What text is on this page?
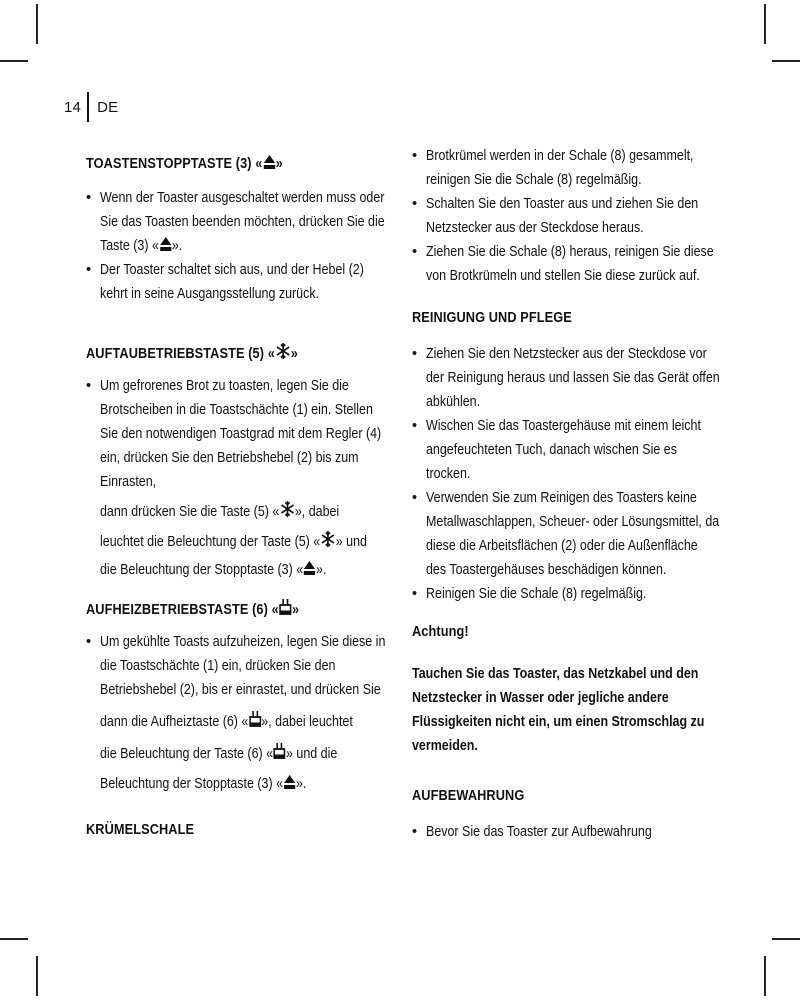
14 DE
TOASTENSTOPPTASTE (3) « »
• Wenn der Toaster ausgeschaltet werden muss oder Sie das Toasten beenden möchten, drücken Sie die Taste (3) « ».
• Der Toaster schaltet sich aus, und der Hebel (2) kehrt in seine Ausgangsstellung zurück.
AUFTAUBETRIEBSTASTE (5) « »
• Um gefrorenes Brot zu toasten, legen Sie die Brotscheiben in die Toastschächte (1) ein. Stellen Sie den notwendigen Toastgrad mit dem Regler (4) ein, drücken Sie den Betriebshebel (2) bis zum Einrasten,
dann drücken Sie die Taste (5) « », dabei
leuchtet die Beleuchtung der Taste (5) « » und
die Beleuchtung der Stopptaste (3) « ».
AUFHEIZBETRIEBSTASTE (6) « »
• Um gekühlte Toasts aufzuheizen, legen Sie diese in die Toastschächte (1) ein, drücken Sie den Betriebshebel (2), bis er einrastet, und drücken Sie
dann die Aufheiztaste (6) « », dabei leuchtet
die Beleuchtung der Taste (6) « » und die
Beleuchtung der Stopptaste (3) « ».
KRÜMELSCHALE
• Brotkrümel werden in der Schale (8) gesammelt, reinigen Sie die Schale (8) regelmäßig.
• Schalten Sie den Toaster aus und ziehen Sie den Netzstecker aus der Steckdose heraus.
• Ziehen Sie die Schale (8) heraus, reinigen Sie diese von Brotkrümeln und stellen Sie diese zurück auf.
REINIGUNG UND PFLEGE
• Ziehen Sie den Netzstecker aus der Steckdose vor der Reinigung heraus und lassen Sie das Gerät offen abkühlen.
• Wischen Sie das Toastergehäuse mit einem leicht angefeuchteten Tuch, danach wischen Sie es trocken.
• Verwenden Sie zum Reinigen des Toasters keine Metallwaschlappen, Scheuer- oder Lösungsmittel, da diese die Arbeitsflächen (2) oder die Außenfläche des Toastergehäuses beschädigen können.
• Reinigen Sie die Schale (8) regelmäßig.
Achtung!
Tauchen Sie das Toaster, das Netzkabel und den Netzstecker in Wasser oder jegliche andere Flüssigkeiten nicht ein, um einen Stromschlag zu vermeiden.
AUFBEWAHRUNG
• Bevor Sie das Toaster zur Aufbewahrung
